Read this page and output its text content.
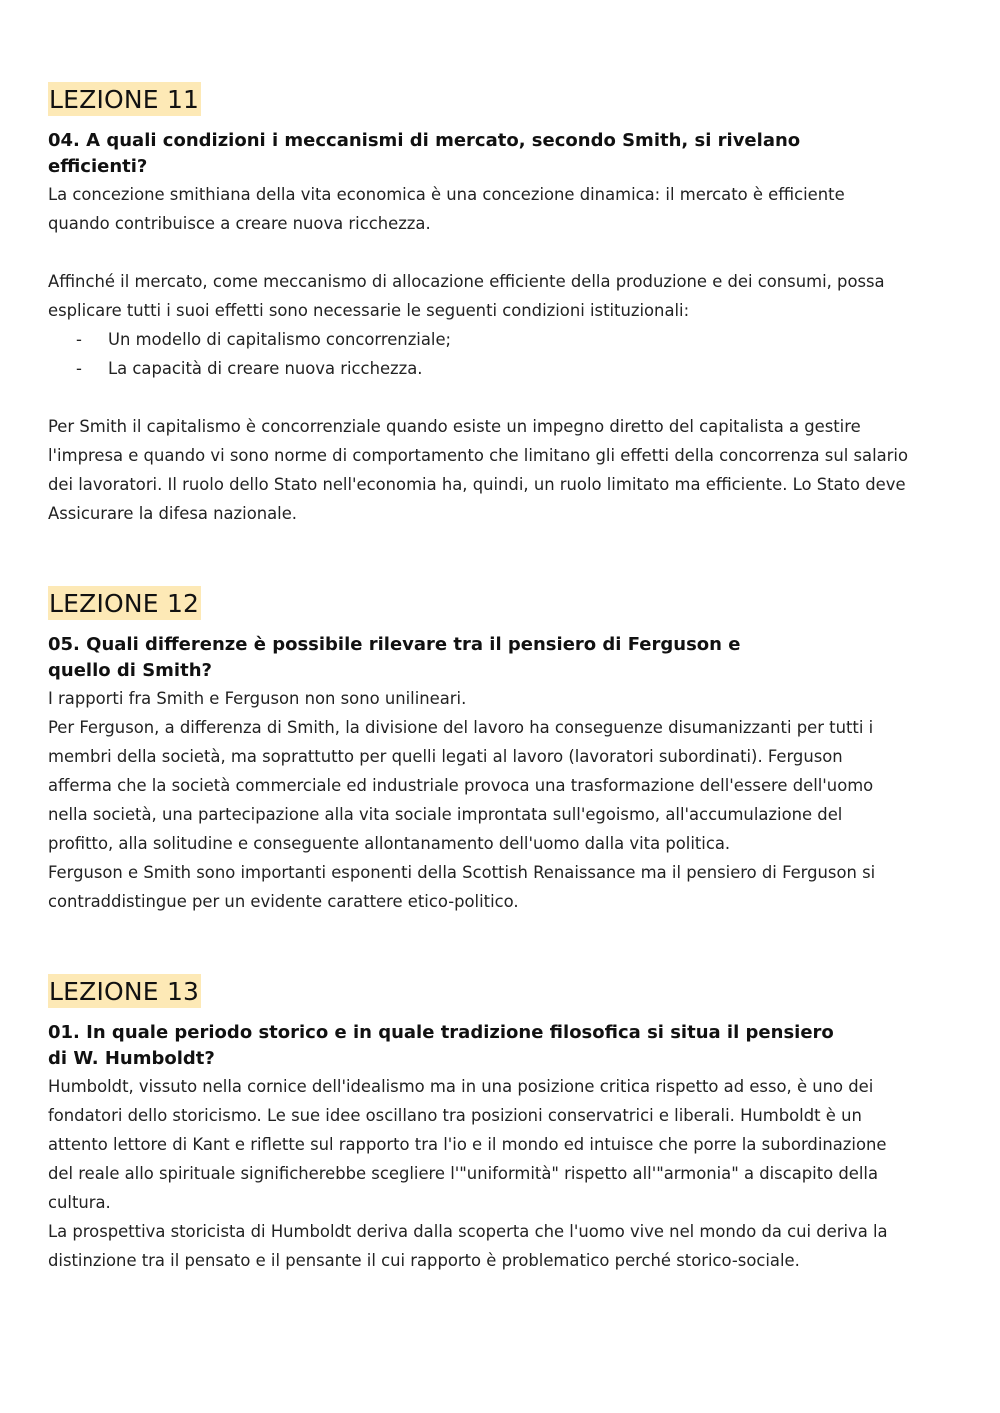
LEZIONE 11
04. A quali condizioni i meccanismi di mercato, secondo Smith, si rivelano efficienti?

La concezione smithiana della vita economica è una concezione dinamica: il mercato è efficiente quando contribuisce a creare nuova ricchezza.

Affinché il mercato, come meccanismo di allocazione efficiente della produzione e dei consumi, possa esplicare tutti i suoi effetti sono necessarie le seguenti condizioni istituzionali:

- Un modello di capitalismo concorrenziale;
- La capacità di creare nuova ricchezza.

Per Smith il capitalismo è concorrenziale quando esiste un impegno diretto del capitalista a gestire l'impresa e quando vi sono norme di comportamento che limitano gli effetti della concorrenza sul salario dei lavoratori. Il ruolo dello Stato nell'economia ha, quindi, un ruolo limitato ma efficiente. Lo Stato deve Assicurare la difesa nazionale.

LEZIONE 12
05. Quali differenze è possibile rilevare tra il pensiero di Ferguson e quello di Smith?

I rapporti fra Smith e Ferguson non sono unilineari.

Per Ferguson, a differenza di Smith, la divisione del lavoro ha conseguenze disumanizzanti per tutti i membri della società, ma soprattutto per quelli legati al lavoro (lavoratori subordinati). Ferguson afferma che la società commerciale ed industriale provoca una trasformazione dell'essere dell'uomo nella società, una partecipazione alla vita sociale improntata sull'egoismo, all'accumulazione del profitto, alla solitudine e conseguente allontanamento dell'uomo dalla vita politica.

Ferguson e Smith sono importanti esponenti della Scottish Renaissance ma il pensiero di Ferguson si contraddistingue per un evidente carattere etico-politico.

LEZIONE 13
01. In quale periodo storico e in quale tradizione filosofica si situa il pensiero di W. Humboldt?

Humboldt, vissuto nella cornice dell'idealismo ma in una posizione critica rispetto ad esso, è uno dei fondatori dello storicismo. Le sue idee oscillano tra posizioni conservatrici e liberali. Humboldt è un attento lettore di Kant e riflette sul rapporto tra l'io e il mondo ed intuisce che porre la subordinazione del reale allo spirituale significherebbe scegliere l'"uniformità" rispetto all'"armonia" a discapito della cultura.

La prospettiva storicista di Humboldt deriva dalla scoperta che l'uomo vive nel mondo da cui deriva la distinzione tra il pensato e il pensante il cui rapporto è problematico perché storico-sociale.
